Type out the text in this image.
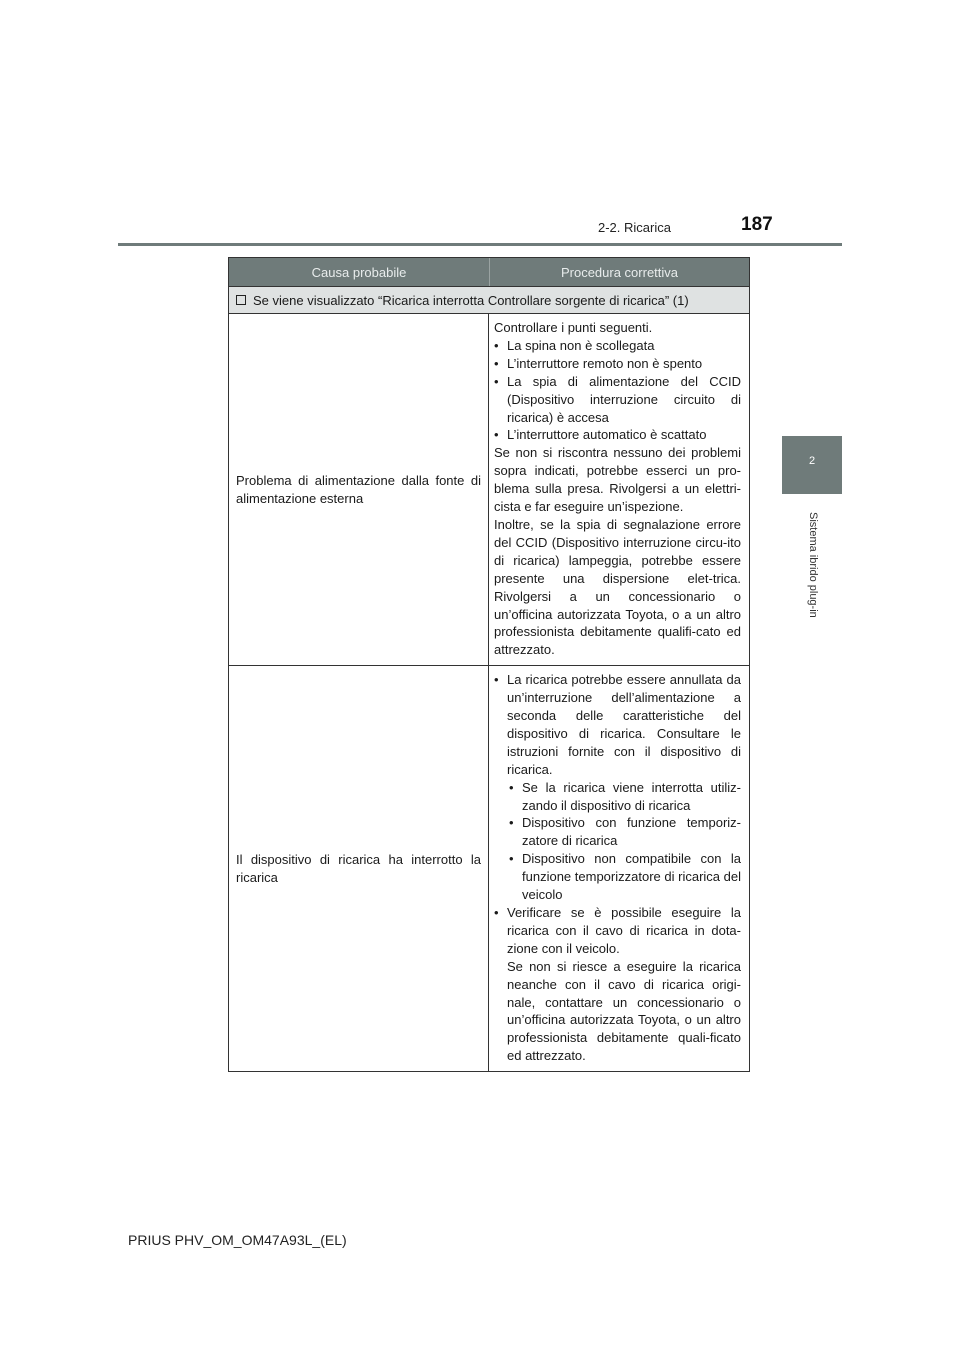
2-2. Ricarica	187
2
Sistema ibrido plug-in
Causa probabile	Procedura correttiva
Se viene visualizzato “Ricarica interrotta Controllare sorgente di ricarica” (1)
Problema di alimentazione dalla fonte di alimentazione esterna

Controllare i punti seguenti.

• La spina non è scollegata
• L’interruttore remoto non è spento
• La spia di alimentazione del CCID (Dispositivo interruzione circuito di ricarica) è accesa
• L’interruttore automatico è scattato

Se non si riscontra nessuno dei problemi sopra indicati, potrebbe esserci un pro-blema sulla presa. Rivolgersi a un elettri-cista e far eseguire un’ispezione.

Inoltre, se la spia di segnalazione errore del CCID (Dispositivo interruzione circu-ito di ricarica) lampeggia, potrebbe essere presente una dispersione elet-trica. Rivolgersi a un concessionario o un’officina autorizzata Toyota, o a un altro professionista debitamente qualifi-cato ed attrezzato.

Il dispositivo di ricarica ha interrotto la ricarica
• La ricarica potrebbe essere annullata da un’interruzione dell’alimentazione a seconda delle caratteristiche del dispositivo di ricarica. Consultare le istruzioni fornite con il dispositivo di ricarica.
• Se la ricarica viene interrotta utiliz-zando il dispositivo di ricarica
• Dispositivo con funzione temporiz-zatore di ricarica
• Dispositivo non compatibile con la funzione temporizzatore di ricarica del veicolo
• Verificare se è possibile eseguire la ricarica con il cavo di ricarica in dota-zione con il veicolo.
Se non si riesce a eseguire la ricarica neanche con il cavo di ricarica origi-nale, contattare un concessionario o un’officina autorizzata Toyota, o un altro professionista debitamente quali-ficato ed attrezzato.
PRIUS PHV_OM_OM47A93L_(EL)
